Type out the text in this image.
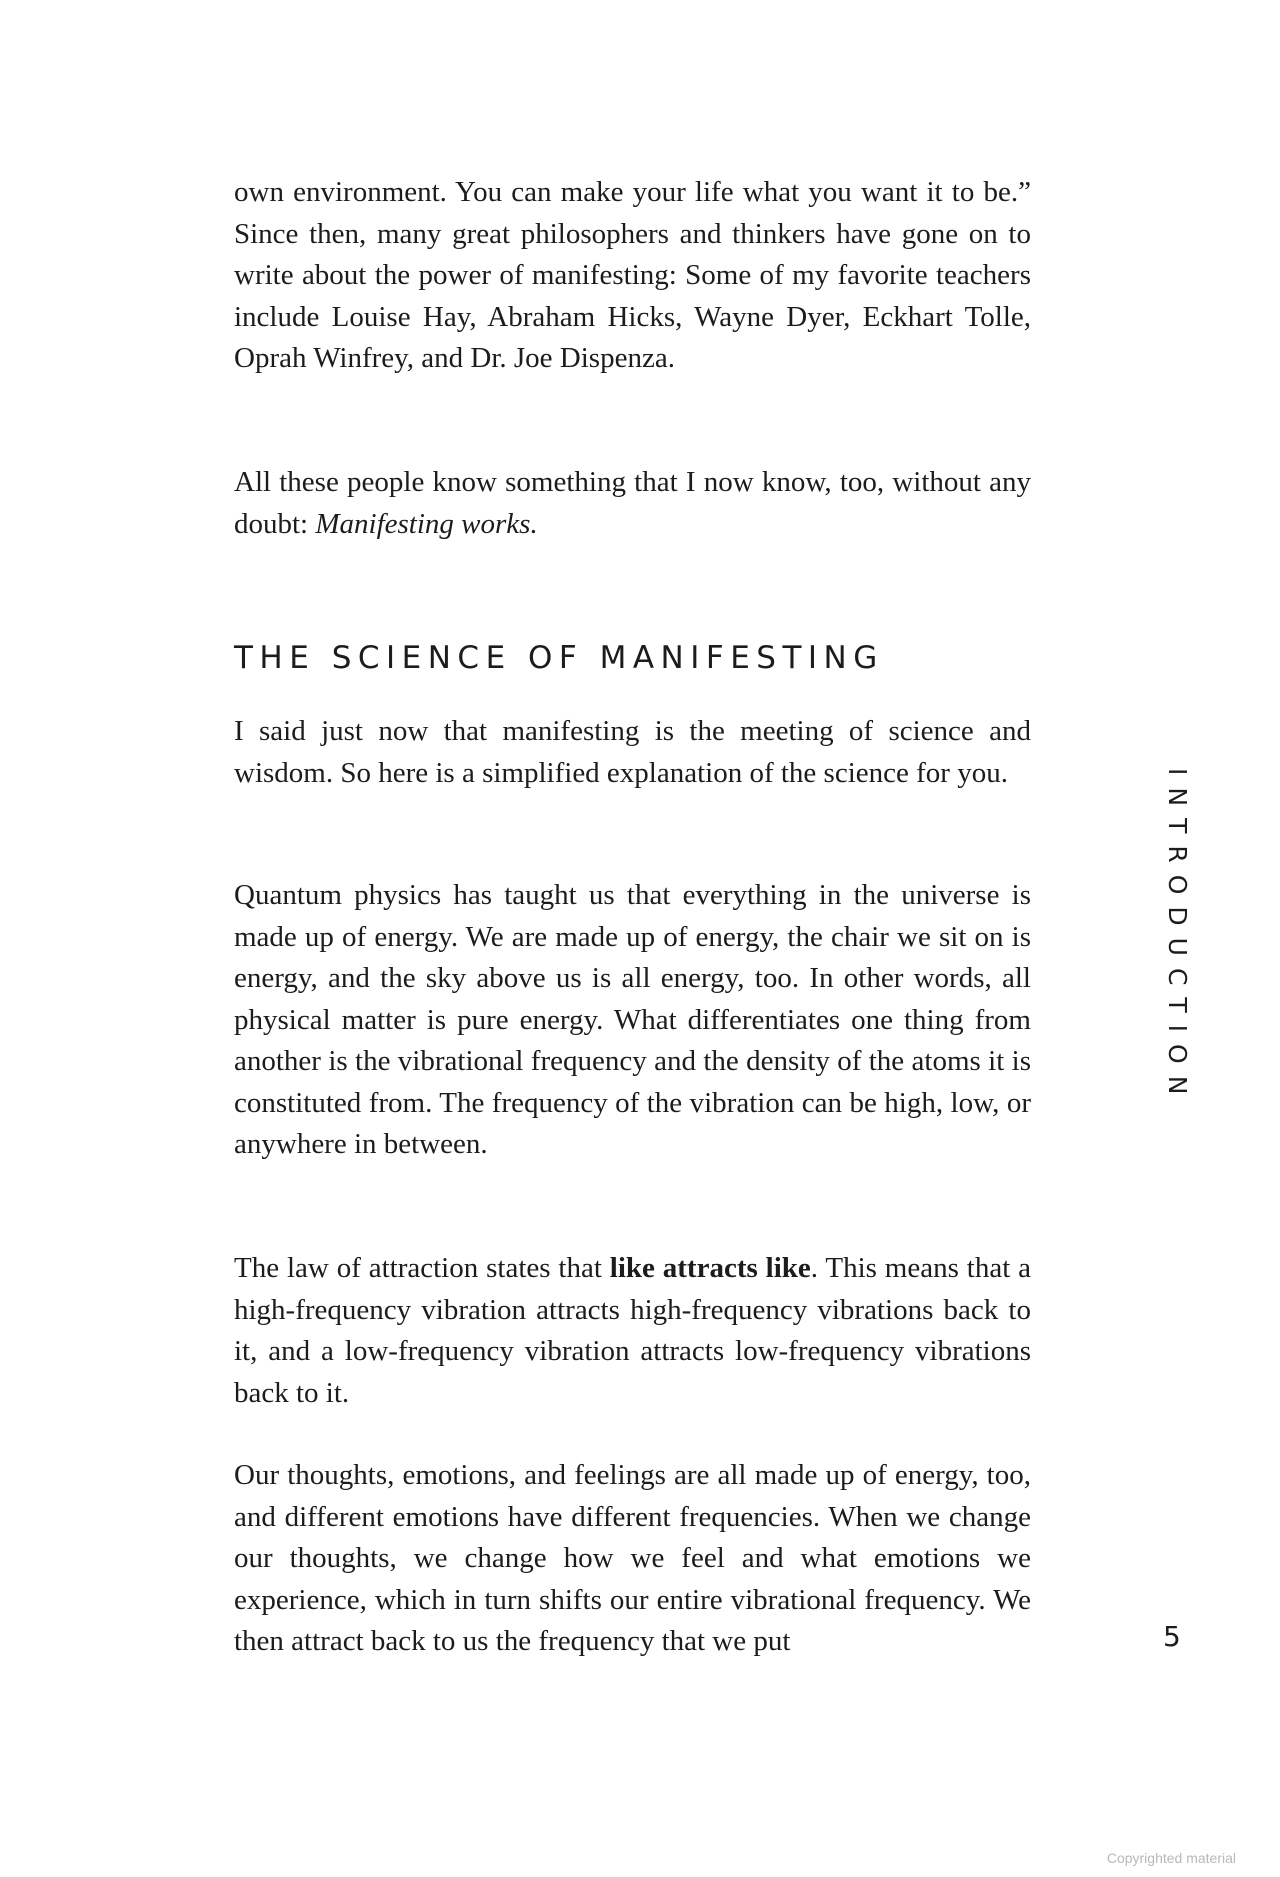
own environment. You can make your life what you want it to be.” Since then, many great philosophers and thinkers have gone on to write about the power of manifesting: Some of my favorite teachers include Louise Hay, Abraham Hicks, Wayne Dyer, Eckhart Tolle, Oprah Winfrey, and Dr. Joe Dispenza.

All these people know something that I now know, too, without any doubt: Manifesting works.

THE SCIENCE OF MANIFESTING

I said just now that manifesting is the meeting of science and wisdom. So here is a simplified explanation of the science for you.

Quantum physics has taught us that everything in the universe is made up of energy. We are made up of energy, the chair we sit on is energy, and the sky above us is all energy, too. In other words, all physical matter is pure energy. What differentiates one thing from another is the vibrational frequency and the density of the atoms it is constituted from. The frequency of the vibration can be high, low, or anywhere in between.

The law of attraction states that like attracts like. This means that a high-frequency vibration attracts high-frequency vibrations back to it, and a low-frequency vibration attracts low-frequency vibrations back to it.

Our thoughts, emotions, and feelings are all made up of energy, too, and different emotions have different frequencies. When we change our thoughts, we change how we feel and what emotions we experience, which in turn shifts our entire vibrational frequency. We then attract back to us the frequency that we put

INTRODUCTION
5
Copyrighted material
